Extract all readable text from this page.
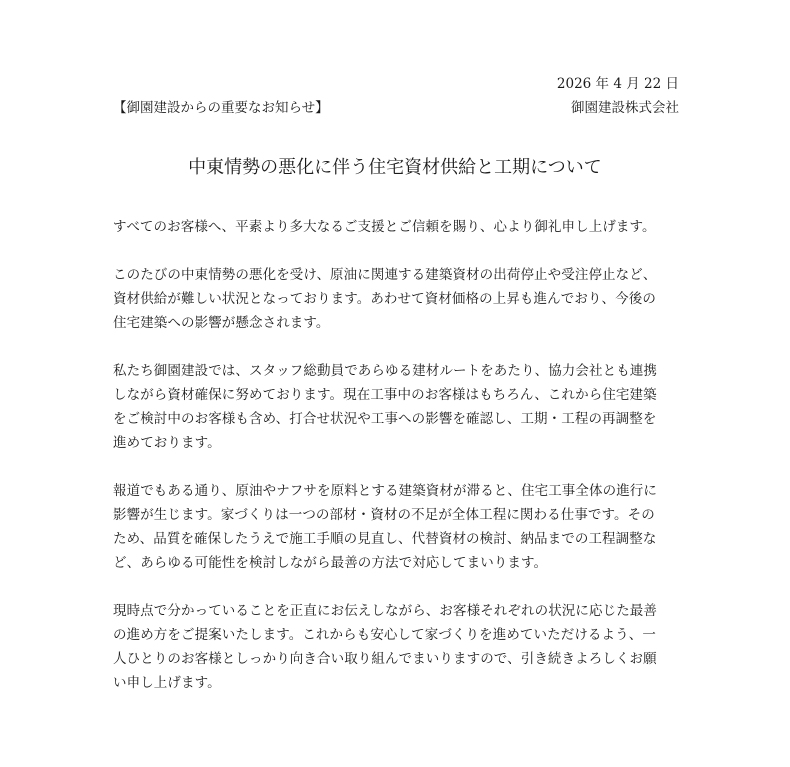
2026 年 4 月 22 日
【御園建設からの重要なお知らせ】	御園建設株式会社
中東情勢の悪化に伴う住宅資材供給と工期について
すべてのお客様へ、平素より多大なるご支援とご信頼を賜り、心より御礼申し上げます。
このたびの中東情勢の悪化を受け、原油に関連する建築資材の出荷停止や受注停止など、
資材供給が難しい状況となっております。あわせて資材価格の上昇も進んでおり、今後の
住宅建築への影響が懸念されます。
私たち御園建設では、スタッフ総動員であらゆる建材ルートをあたり、協力会社とも連携
しながら資材確保に努めております。現在工事中のお客様はもちろん、これから住宅建築
をご検討中のお客様も含め、打合せ状況や工事への影響を確認し、工期・工程の再調整を
進めております。
報道でもある通り、原油やナフサを原料とする建築資材が滞ると、住宅工事全体の進行に
影響が生じます。家づくりは一つの部材・資材の不足が全体工程に関わる仕事です。その
ため、品質を確保したうえで施工手順の見直し、代替資材の検討、納品までの工程調整な
ど、あらゆる可能性を検討しながら最善の方法で対応してまいります。
現時点で分かっていることを正直にお伝えしながら、お客様それぞれの状況に応じた最善
の進め方をご提案いたします。これからも安心して家づくりを進めていただけるよう、一
人ひとりのお客様としっかり向き合い取り組んでまいりますので、引き続きよろしくお願
い申し上げます。
